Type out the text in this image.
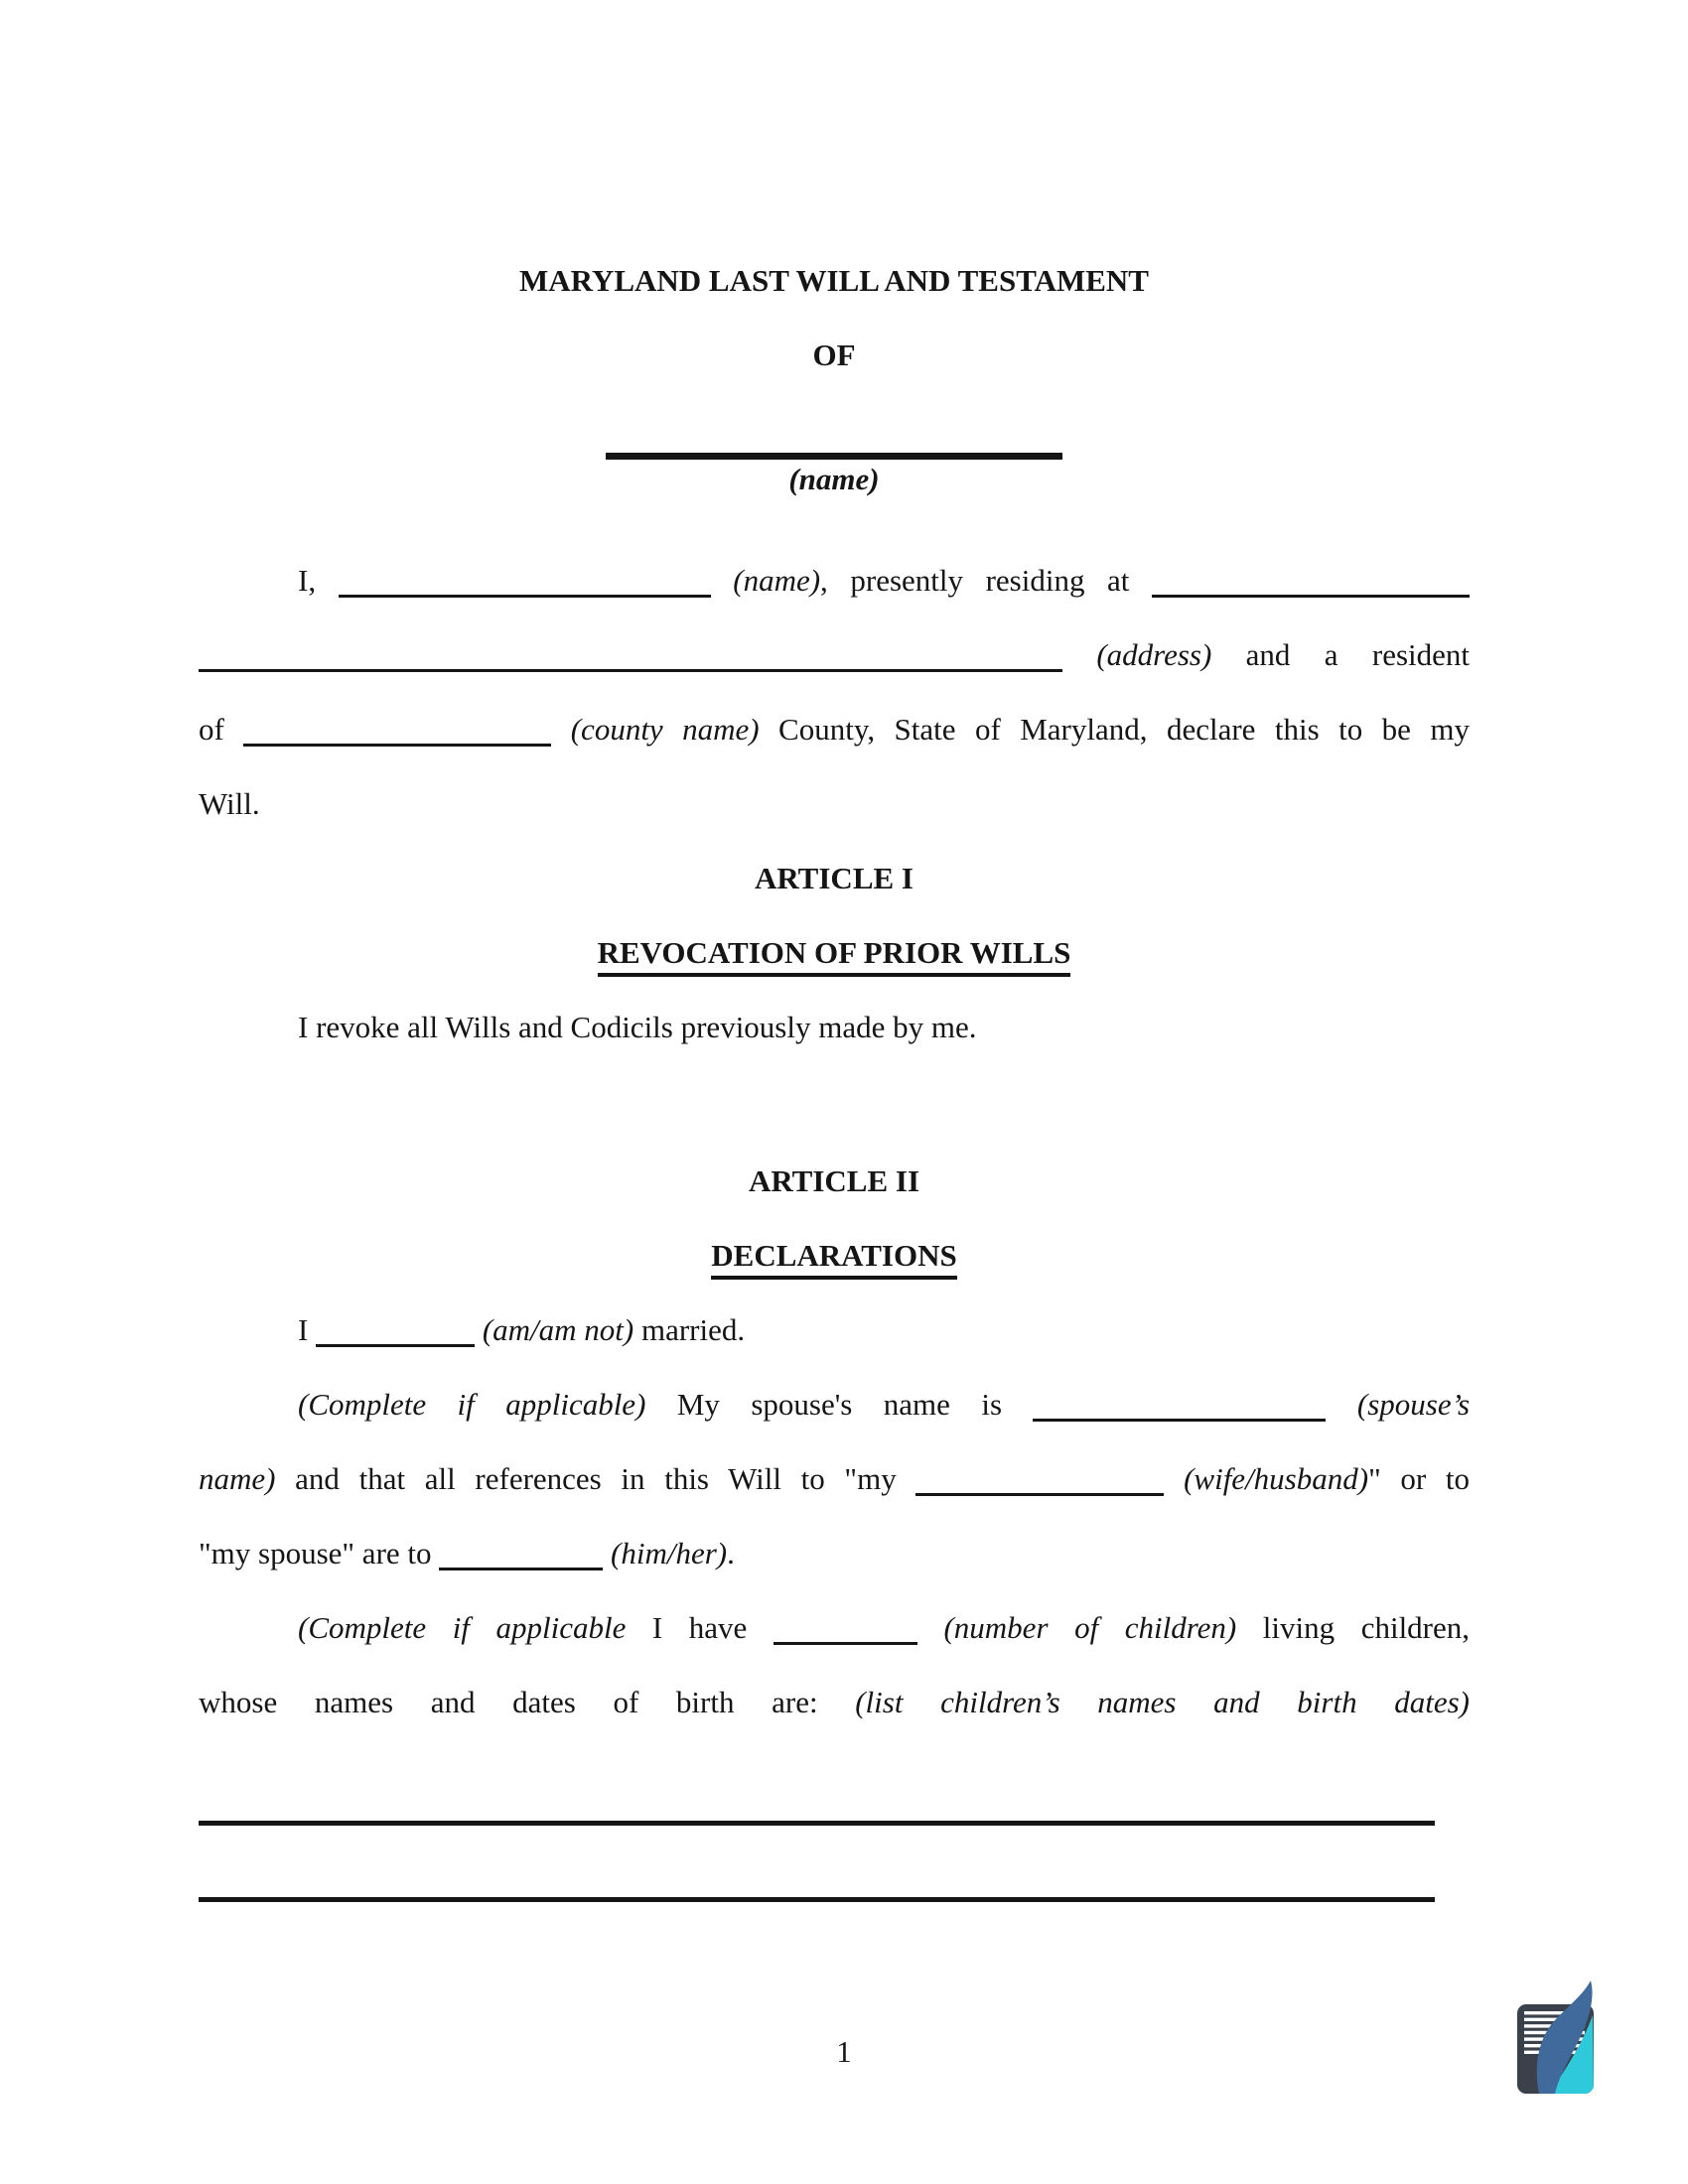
MARYLAND LAST WILL AND TESTAMENT
OF
(name)
I,	(name), presently residing at
(address) and a resident
of	(county name) County, State of Maryland, declare this to be my
Will.
ARTICLE I
REVOCATION OF PRIOR WILLS
I revoke all Wills and Codicils previously made by me.
ARTICLE II
DECLARATIONS
I	(am/am not) married.
(Complete if applicable) My spouse's name is	(spouse’s
name) and that all references in this Will to "my	(wife/husband)" or to
"my spouse" are to	(him/her).
(Complete if applicable I have	(number of children) living children,
whose names and dates of birth are: (list children’s names and birth dates)
1
